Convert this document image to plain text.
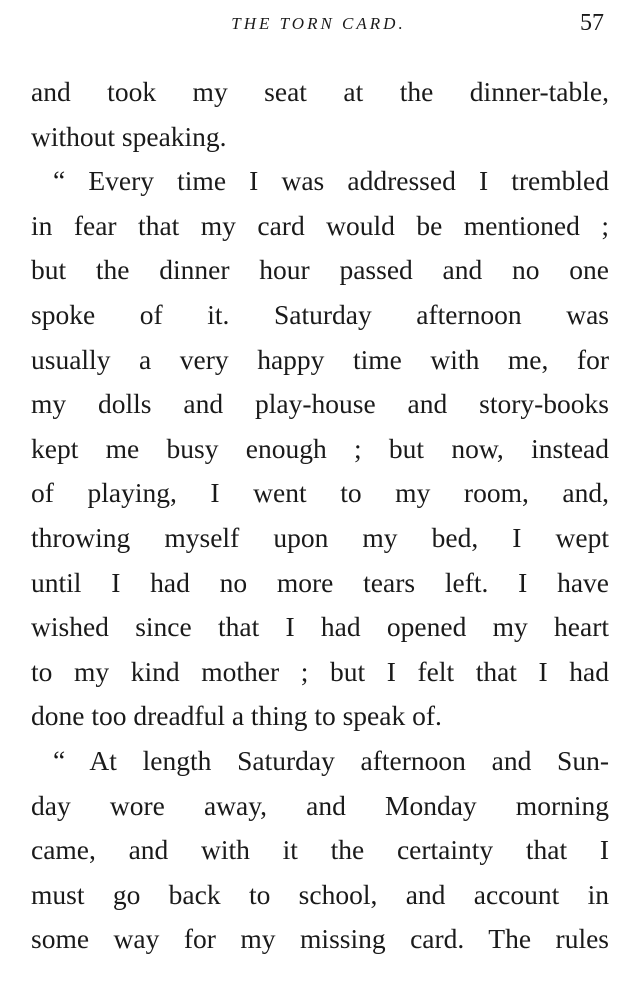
THE TORN CARD.	57
and took my seat at the dinner-table,
without speaking.
“ Every time I was addressed I trembled
in fear that my card would be mentioned ;
but the dinner hour passed and no one
spoke of it. Saturday afternoon was
usually a very happy time with me, for
my dolls and play-house and story-books
kept me busy enough ; but now, instead
of playing, I went to my room, and,
throwing myself upon my bed, I wept
until I had no more tears left. I have
wished since that I had opened my heart
to my kind mother ; but I felt that I had
done too dreadful a thing to speak of.
“ At length Saturday afternoon and Sun-
day wore away, and Monday morning
came, and with it the certainty that I
must go back to school, and account in
some way for my missing card. The rules
